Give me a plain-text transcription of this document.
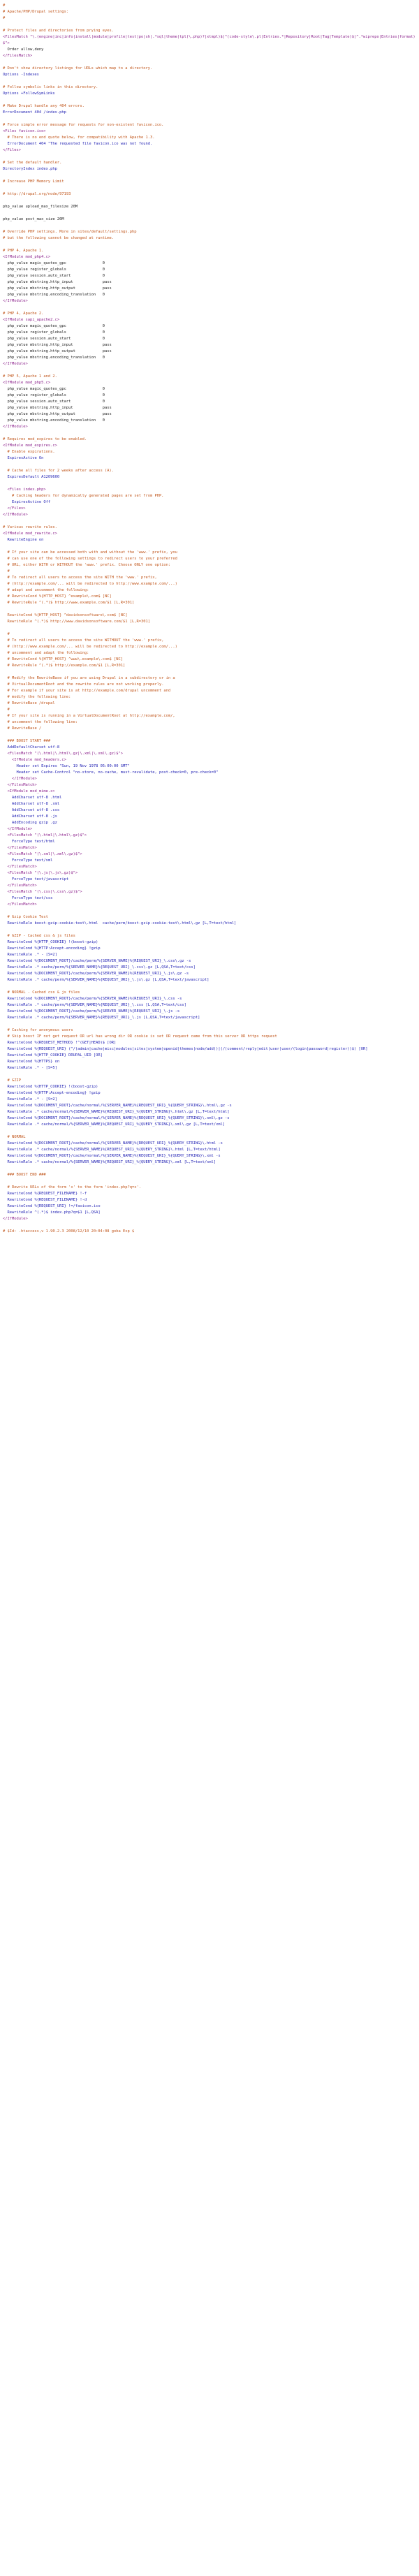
#
# Apache/PHP/Drupal settings:
#
# Protect files and directories from prying eyes.
<FilesMatch "\.(engine|inc|info|install|module|profile|test|po|sh|.*sql|theme|tpl(\.php)?|xtmpl)$|^(code-style\.pl|Entries.*|Repository|Root|Tag|Template)$|^.*wiprepo|Entries|format)$">
Order allow,deny
</FilesMatch>
# Don't show directory listings for URLs which map to a directory.
Options -Indexes
# Follow symbolic links in this directory.
Options +FollowSymLinks
# Make Drupal handle any 404 errors.
ErrorDocument 404 /index.php
# Force simple error message for requests for non-existent favicon.ico.
<Files favicon.ico>
# There is no end quote below, for compatibility with Apache 1.3.
ErrorDocument 404 "The requested file favicon.ico was not found.
</Files>
# Set the default handler.
DirectoryIndex index.php
# Increase PHP Memory Limit
# http://drupal.org/node/97193
php_value upload_max_filesize 20M
php_value post_max_size 20M
# Override PHP settings. More in sites/default/settings.php
# but the following cannot be changed at runtime.
# PHP 4, Apache 1.
<IfModule mod_php4.c>
php_value magic_quotes_gpc                0
php_value register_globals                0
php_value session.auto_start              0
php_value mbstring.http_input             pass
php_value mbstring.http_output            pass
php_value mbstring.encoding_translation   0
</IfModule>
# PHP 4, Apache 2.
<IfModule sapi_apache2.c>
php_value magic_quotes_gpc                0
php_value register_globals                0
php_value session.auto_start              0
php_value mbstring.http_input             pass
php_value mbstring.http_output            pass
php_value mbstring.encoding_translation   0
</IfModule>
# PHP 5, Apache 1 and 2.
<IfModule mod_php5.c>
php_value magic_quotes_gpc                0
php_value register_globals                0
php_value session.auto_start              0
php_value mbstring.http_input             pass
php_value mbstring.http_output            pass
php_value mbstring.encoding_translation   0
</IfModule>
# Requires mod_expires to be enabled.
<IfModule mod_expires.c>
# Enable expirations.
ExpiresActive On
# Cache all files for 2 weeks after access (A).
ExpiresDefault A1209600
<Files index.php>
# Caching headers for dynamically generated pages are set from PHP.
ExpiresActive Off
</Files>
</IfModule>
# Various rewrite rules.
<IfModule mod_rewrite.c>
RewriteEngine on
# If your site can be accessed both with and without the 'www.' prefix, you
# can use one of the following settings to redirect users to your preferred
# URL, either WITH or WITHOUT the 'www.' prefix. Choose ONLY one option:
#
# To redirect all users to access the site WITH the 'www.' prefix,
# (http://example.com/... will be redirected to http://www.example.com/...)
# adapt and uncomment the following:
# RewriteCond %{HTTP_HOST} ^example\.com$ [NC]
# RewriteRule ^(.*)$ http://www.example.com/$1 [L,R=301]
RewriteCond %{HTTP_HOST} ^davidsonsoftware\.com$ [NC]
RewriteRule ^(.*)$ http://www.davidsonsoftware.com/$1 [L,R=301]
#
# To redirect all users to access the site WITHOUT the 'www.' prefix,
# (http://www.example.com/... will be redirected to http://example.com/...)
# uncomment and adapt the following:
# RewriteCond %{HTTP_HOST} ^www\.example\.com$ [NC]
# RewriteRule ^(.*)$ http://example.com/$1 [L,R=301]
# Modify the RewriteBase if you are using Drupal in a subdirectory or in a
# VirtualDocumentRoot and the rewrite rules are not working properly.
# For example if your site is at http://example.com/drupal uncomment and
# modify the following line:
# RewriteBase /drupal
#
# If your site is running in a VirtualDocumentRoot at http://example.com/,
# uncomment the following line:
# RewriteBase /
### BOOST START ###
AddDefaultCharset utf-8
<FilesMatch "(\.html|\.html\.gz|\.xml|\.xml\.gz)$">
<IfModule mod_headers.c>
Header set Expires "Sun, 19 Nov 1978 05:00:00 GMT"
Header set Cache-Control "no-store, no-cache, must-revalidate, post-check=0, pre-check=0"
</IfModule>
</FilesMatch>
<IfModule mod_mime.c>
AddCharset utf-8 .html
AddCharset utf-8 .xml
AddCharset utf-8 .css
AddCharset utf-8 .js
AddEncoding gzip .gz
</IfModule>
<FilesMatch "(\.html|\.html\.gz)$">
ForceType text/html
</FilesMatch>
<FilesMatch "(\.xml|\.xml\.gz)$">
ForceType text/xml
</FilesMatch>
<FilesMatch "(\.js|\.js\.gz)$">
ForceType text/javascript
</FilesMatch>
<FilesMatch "(\.css|\.css\.gz)$">
ForceType text/css
</FilesMatch>
# Gzip Cookie Test
RewriteRule boost-gzip-cookie-test\.html  cache/perm/boost-gzip-cookie-test\.html\.gz [L,T=text/html]
# GZIP - Cached css & js files
RewriteCond %{HTTP_COOKIE} !(boost-gzip)
RewriteCond %{HTTP:Accept-encoding} !gzip
RewriteRule .* - [S=2]
RewriteCond %{DOCUMENT_ROOT}/cache/perm/%{SERVER_NAME}%{REQUEST_URI}_\.css\.gz -s
RewriteRule .* cache/perm/%{SERVER_NAME}%{REQUEST_URI}_\.css\.gz [L,QSA,T=text/css]
RewriteCond %{DOCUMENT_ROOT}/cache/perm/%{SERVER_NAME}%{REQUEST_URI}_\.js\.gz -s
RewriteRule .* cache/perm/%{SERVER_NAME}%{REQUEST_URI}_\.js\.gz [L,QSA,T=text/javascript]
# NORMAL - Cached css & js files
RewriteCond %{DOCUMENT_ROOT}/cache/perm/%{SERVER_NAME}%{REQUEST_URI}_\.css -s
RewriteRule .* cache/perm/%{SERVER_NAME}%{REQUEST_URI}_\.css [L,QSA,T=text/css]
RewriteCond %{DOCUMENT_ROOT}/cache/perm/%{SERVER_NAME}%{REQUEST_URI}_\.js -s
RewriteRule .* cache/perm/%{SERVER_NAME}%{REQUEST_URI}_\.js [L,QSA,T=text/javascript]
# Caching for anonymous users
# Skip boost IF not get request OR url has wrong dir OR cookie is set OR request came from this server OR https request
RewriteCond %{REQUEST_METHOD} !^(GET|HEAD)$ [OR]
RewriteCond %{REQUEST_URI} (^/(admin|cache|misc|modules|sites|system|openid|themes|node/add))|(/(comment/reply|edit|user|user/(login|password|register))$) [OR]
RewriteCond %{HTTP_COOKIE} DRUPAL_UID [OR]
RewriteCond %{HTTPS} on
RewriteRule .* - [S=5]
# GZIP
RewriteCond %{HTTP_COOKIE} !(boost-gzip)
RewriteCond %{HTTP:Accept-encoding} !gzip
RewriteRule .* - [S=2]
RewriteCond %{DOCUMENT_ROOT}/cache/normal/%{SERVER_NAME}%{REQUEST_URI}_%{QUERY_STRING}\.html\.gz -s
RewriteRule .* cache/normal/%{SERVER_NAME}%{REQUEST_URI}_%{QUERY_STRING}\.html\.gz [L,T=text/html]
RewriteCond %{DOCUMENT_ROOT}/cache/normal/%{SERVER_NAME}%{REQUEST_URI}_%{QUERY_STRING}\.xml\.gz -s
RewriteRule .* cache/normal/%{SERVER_NAME}%{REQUEST_URI}_%{QUERY_STRING}\.xml\.gz [L,T=text/xml]
# NORMAL
RewriteCond %{DOCUMENT_ROOT}/cache/normal/%{SERVER_NAME}%{REQUEST_URI}_%{QUERY_STRING}\.html -s
RewriteRule .* cache/normal/%{SERVER_NAME}%{REQUEST_URI}_%{QUERY_STRING}\.html [L,T=text/html]
RewriteCond %{DOCUMENT_ROOT}/cache/normal/%{SERVER_NAME}%{REQUEST_URI}_%{QUERY_STRING}\.xml -s
RewriteRule .* cache/normal/%{SERVER_NAME}%{REQUEST_URI}_%{QUERY_STRING}\.xml [L,T=text/xml]
### BOOST END ###
# Rewrite URLs of the form 'x' to the form 'index.php?q=x'.
RewriteCond %{REQUEST_FILENAME} !-f
RewriteCond %{REQUEST_FILENAME} !-d
RewriteCond %{REQUEST_URI} !=/favicon.ico
RewriteRule ^(.*)$ index.php?q=$1 [L,QSA]
</IfModule>
# $Id: .htaccess,v 1.90.2.3 2008/12/10 20:04:08 goba Exp $
